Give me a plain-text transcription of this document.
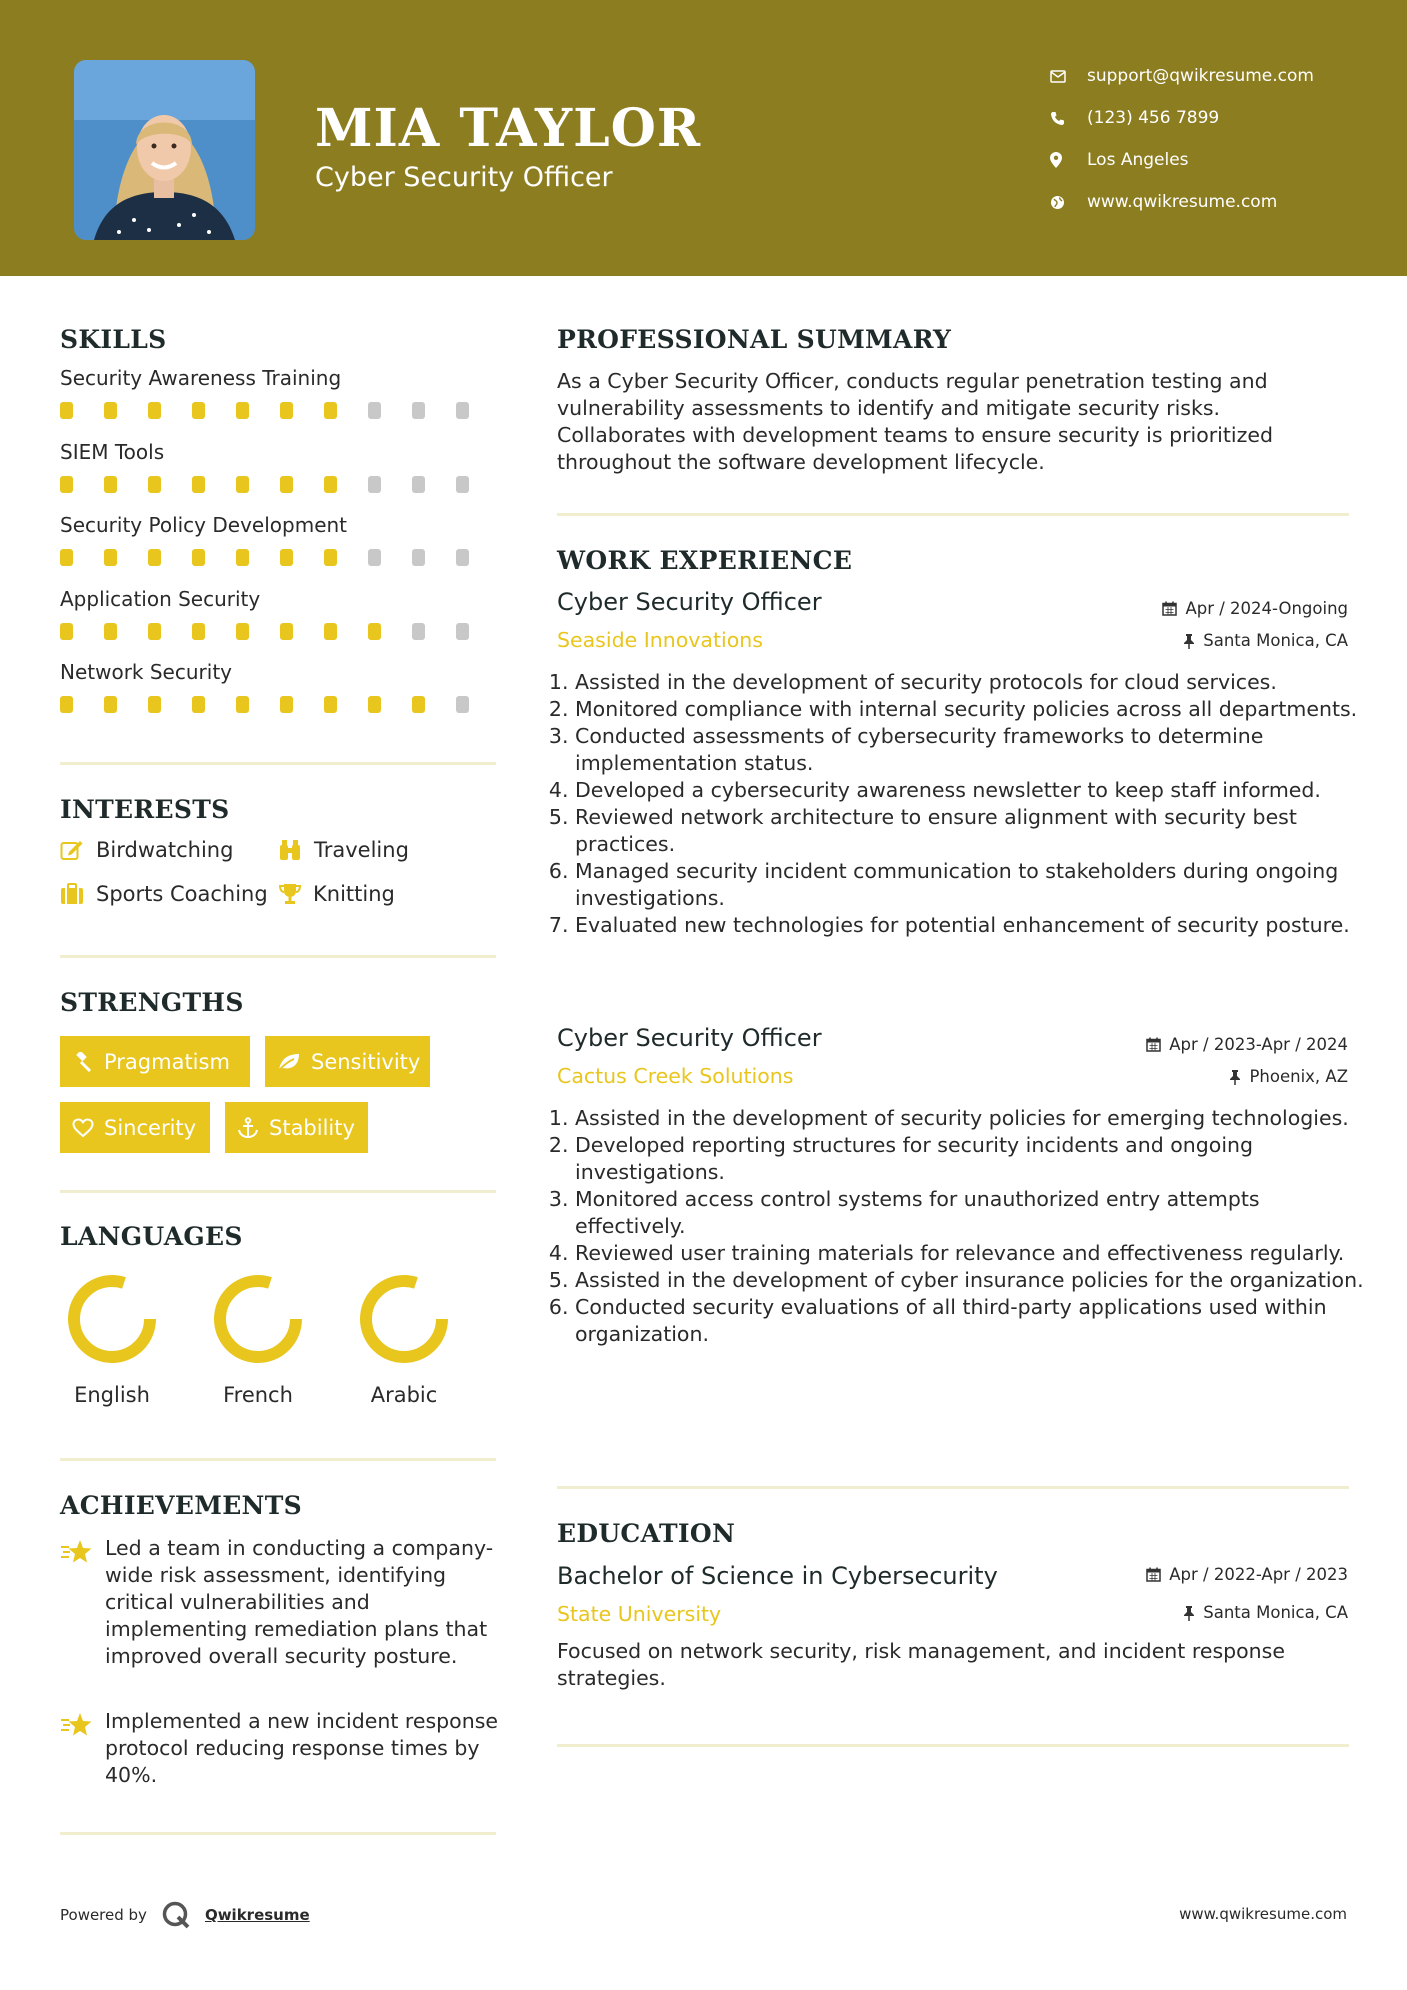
MIA TAYLOR
Cyber Security Officer
support@qwikresume.com
(123) 456 7899
Los Angeles
www.qwikresume.com
SKILLS
Security Awareness Training
SIEM Tools
Security Policy Development
Application Security
Network Security
INTERESTS
Birdwatching	Traveling
Sports Coaching Knitting
STRENGTHS
Pragmatism	Sensitivity
Sincerity	Stability
LANGUAGES
English	French	Arabic
ACHIEVEMENTS
Led a team in conducting a company-wide risk assessment, identifying critical vulnerabilities and implementing remediation plans that improved overall security posture.
Implemented a new incident response protocol reducing response times by 40%.
PROFESSIONAL SUMMARY
As a Cyber Security Officer, conducts regular penetration testing and vulnerability assessments to identify and mitigate security risks. Collaborates with development teams to ensure security is prioritized throughout the software development lifecycle.
WORK EXPERIENCE
Cyber Security Officer	Apr / 2024-Ongoing
Seaside Innovations	Santa Monica, CA
1. Assisted in the development of security protocols for cloud services.
2. Monitored compliance with internal security policies across all departments.
3. Conducted assessments of cybersecurity frameworks to determine implementation status.
4. Developed a cybersecurity awareness newsletter to keep staff informed.
5. Reviewed network architecture to ensure alignment with security best practices.
6. Managed security incident communication to stakeholders during ongoing investigations.
7. Evaluated new technologies for potential enhancement of security posture.
Cyber Security Officer	Apr / 2023-Apr / 2024
Cactus Creek Solutions	Phoenix, AZ
1. Assisted in the development of security policies for emerging technologies.
2. Developed reporting structures for security incidents and ongoing investigations.
3. Monitored access control systems for unauthorized entry attempts effectively.
4. Reviewed user training materials for relevance and effectiveness regularly.
5. Assisted in the development of cyber insurance policies for the organization.
6. Conducted security evaluations of all third-party applications used within organization.
EDUCATION
Bachelor of Science in Cybersecurity	Apr / 2022-Apr / 2023
State University	Santa Monica, CA
Focused on network security, risk management, and incident response strategies.
Powered by	Qwikresume	www.qwikresume.com
